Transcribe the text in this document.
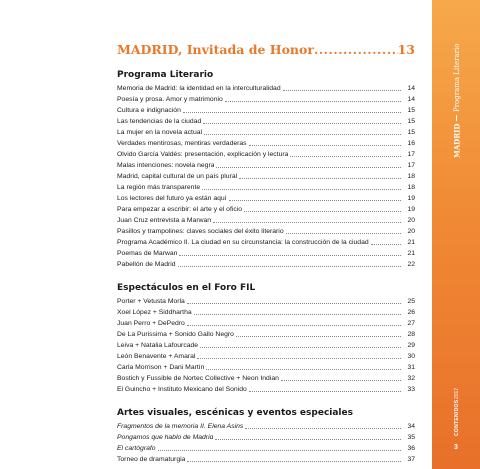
MADRID, Invitada de Honor .....	13
Programa Literario
Memoria de Madrid: la identidad en la interculturalidad	14
Poesía y prosa. Amor y matrimonio	14
Cultura e indignación	15
Las tendencias de la ciudad	15
La mujer en la novela actual	15
Verdades mentirosas, mentiras verdaderas	16
Olvido García Valdés: presentación, explicación y lectura	17
Malas intenciones: novela negra	17
Madrid, capital cultural de un país plural	18
La región más transparente	18
Los lectores del futuro ya están aquí	19
Para empezar a escribir: el arte y el oficio	19
Juan Cruz entrevista a Marwan	20
Pasillos y trampolines: claves sociales del éxito literario	20
Programa Académico II. La ciudad en su circunstancia: la construcción de la ciudad	21
Poemas de Marwan	21
Pabellón de Madrid	22
Espectáculos en el Foro FIL
Porter + Vetusta Morla	25
Xoel López + Siddhartha	26
Juan Perro + DePedro	27
De La Purissima + Sonido Gallo Negro	28
Leiva + Natalia Lafourcade	29
León Benavente + Amaral	30
Carla Morrison + Dani Martín	31
Bostich y Fussible de Nortec Collective + Neon Indian	32
El Guincho + Instituto Mexicano del Sonido	33
Artes visuales, escénicas y eventos especiales
Fragmentos de la memoria II. Elena Asins	34
Pongamos que hablo de Madrid	35
El cartógrafo	36
Torneo de dramaturgia	37
MADRID
Programa Literario
CONTENIDOS

2017
3
